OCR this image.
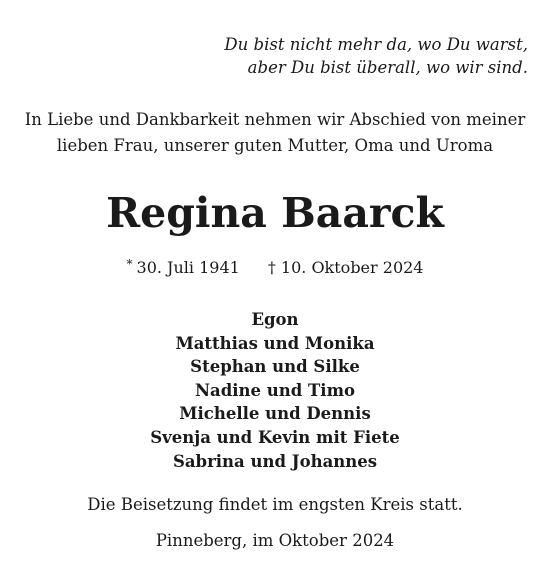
Du bist nicht mehr da, wo Du warst,
aber Du bist überall, wo wir sind.
In Liebe und Dankbarkeit nehmen wir Abschied von meiner
lieben Frau, unserer guten Mutter, Oma und Uroma
Regina Baarck
* 30. Juli 1941 † 10. Oktober 2024
Egon
Matthias und Monika
Stephan und Silke
Nadine und Timo
Michelle und Dennis
Svenja und Kevin mit Fiete
Sabrina und Johannes
Die Beisetzung findet im engsten Kreis statt.
Pinneberg, im Oktober 2024
